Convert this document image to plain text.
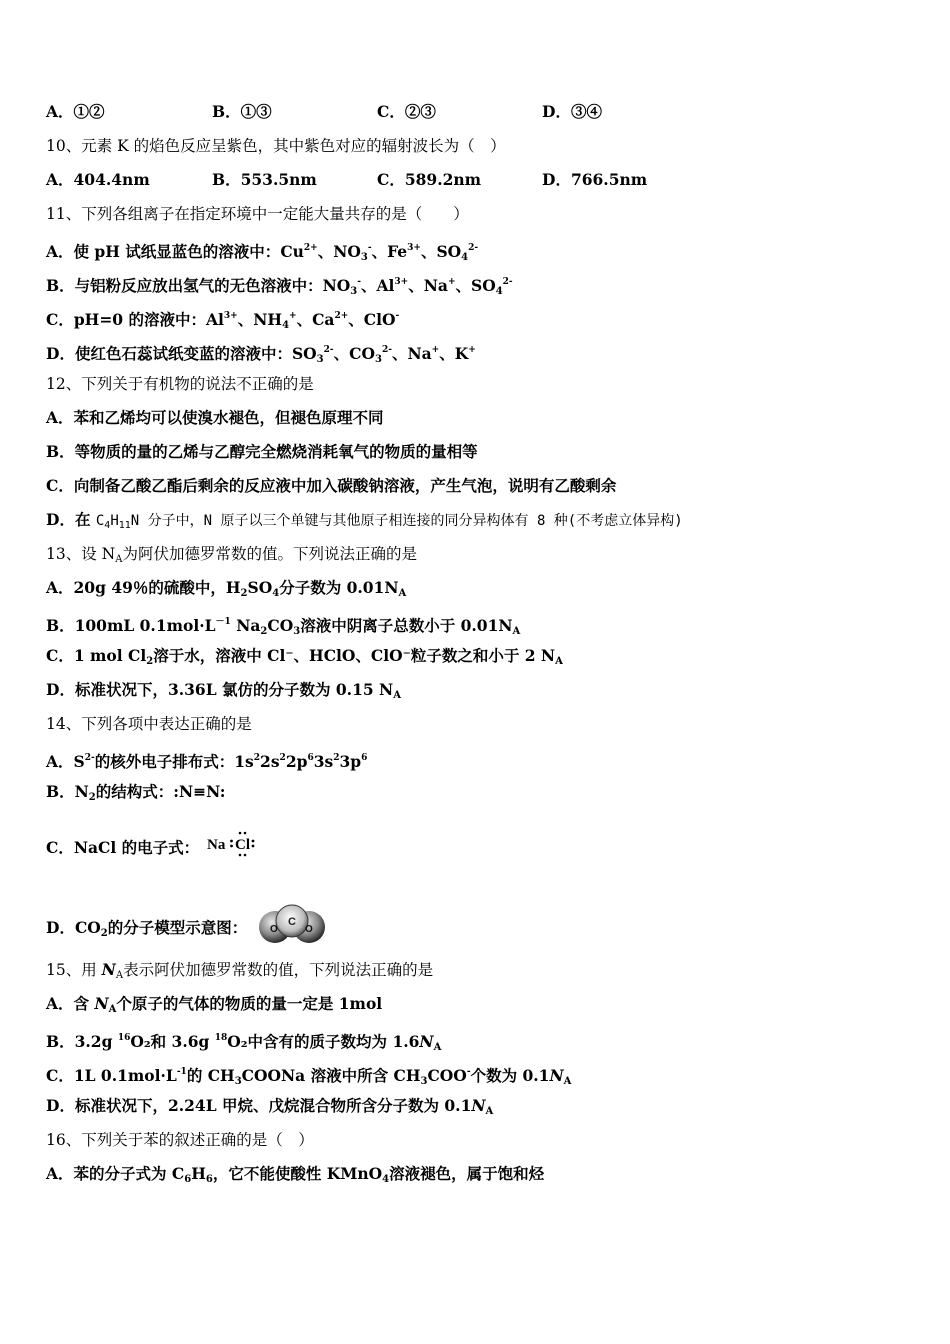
A．①②	B．①③	C．②③	D．③④
10、元素 K 的焰色反应呈紫色，其中紫色对应的辐射波长为（　）
A．404.4nm	B．553.5nm	C．589.2nm	D．766.5nm
11、下列各组离子在指定环境中一定能大量共存的是（　　）
A．使 pH 试纸显蓝色的溶液中：$Cu^{2+}$、$NO_3^-$、$Fe^{3+}$、$SO_4^{2-}$
B．与铝粉反应放出氢气的无色溶液中：$NO_3^-$、$Al^{3+}$、Na+、$SO_4^{2-}$
C．pH=0 的溶液中：$Al^{3+}$、$NH_4^+$、$Ca^{2+}$、ClO-
D．使红色石蕊试纸变蓝的溶液中：$SO_3^{2-}$、$CO_3^{2-}$、Na+、K+
12、下列关于有机物的说法不正确的是
A．苯和乙烯均可以使溴水褪色，但褪色原理不同
B．等物质的量的乙烯与乙醇完全燃烧消耗氧气的物质的量相等
C．向制备乙酸乙酯后剩余的反应液中加入碳酸钠溶液，产生气泡，说明有乙酸剩余
D．在 $C_4H_{11}N$ 分子中，N 原子以三个单键与其他原子相连接的同分异构体有 8 种(不考虑立体异构)
13、设 $N_A$为阿伏加德罗常数的值。下列说法正确的是
A．20g 49％的硫酸中，$H_2SO_4$分子数为 $0.01N_A$
B．100mL $0.1mol\cdot L^{-1}$ $Na_2CO_3$溶液中阴离子总数小于 $0.01N_A$
C．1 mol $Cl_2$溶于水，溶液中 Cl⁻、HClO、ClO⁻粒子数之和小于 2 $N_A$
D．标准状况下，3.36L 氯仿的分子数为 0.15 $N_A$
14、下列各项中表达正确的是
A．$S^{2-}$的核外电子排布式：$1s^22s^22p^63s^23p^6$
B．$N_2$的结构式：:N≡N:
C．NaCl 的电子式： Na Cl
D．$CO_2$的分子模型示意图：	C
O	O
15、用 $N_A$表示阿伏加德罗常数的值，下列说法正确的是
A．含 $N_A$个原子的气体的物质的量一定是 1mol
B．3.2g $^{16}$O₂和 3.6g $^{18}$O₂中含有的质子数均为 $1.6N_A$
C．1L $0.1mol\cdot L^{-1}$的 $CH_3COONa$ 溶液中所含 $CH_3COO^-$个数为 $0.1N_A$
D．标准状况下，2.24L 甲烷、戊烷混合物所含分子数为 $0.1N_A$
16、下列关于苯的叙述正确的是（　）
A．苯的分子式为 $C_6H_6$，它不能使酸性 KMnO$_4$溶液褪色，属于饱和烃
